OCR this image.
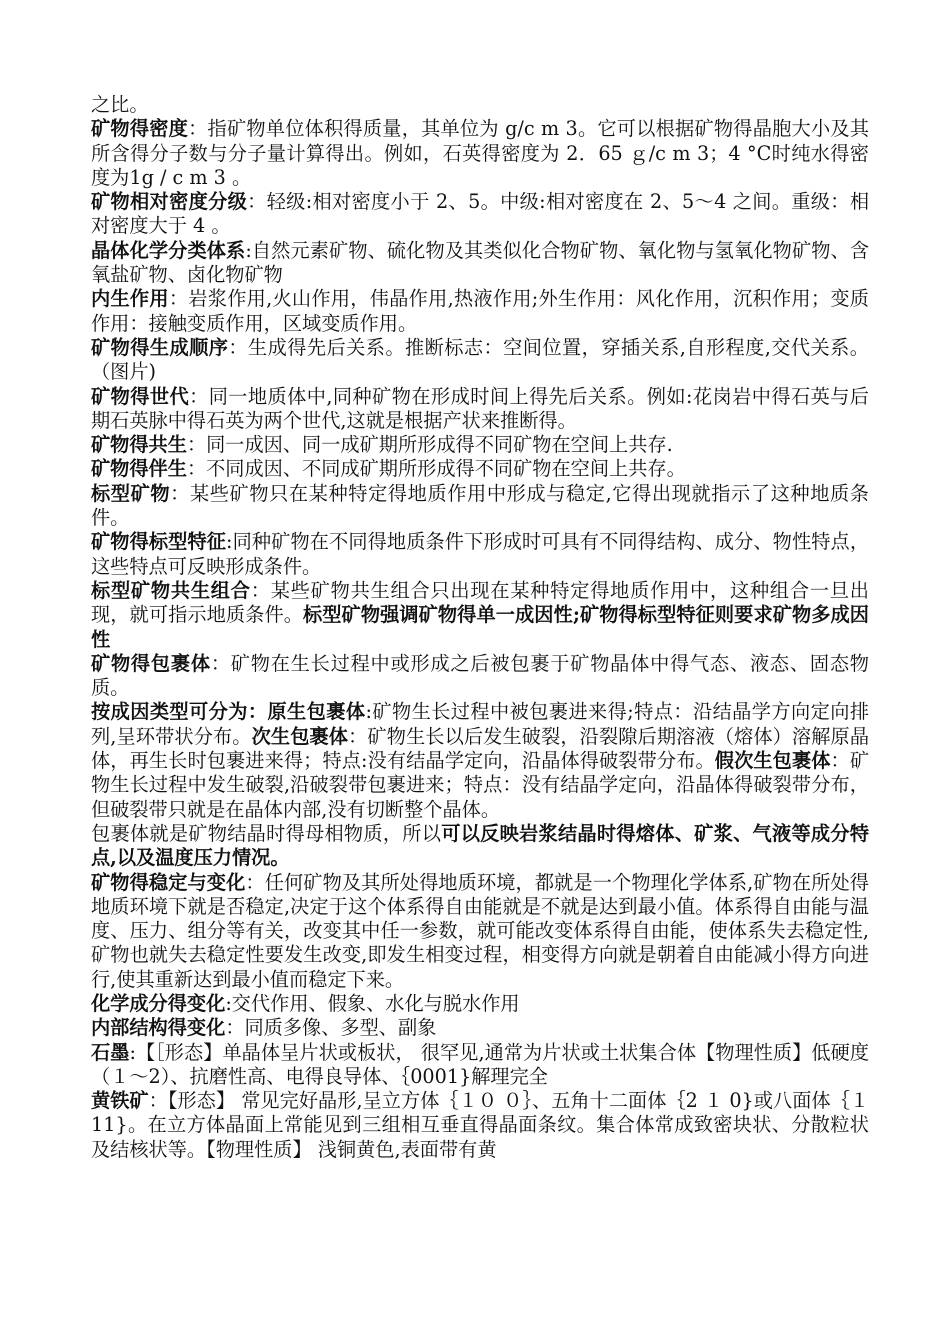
之比。

矿物得密度：指矿物单位体积得质量，其单位为 g/c m 3。它可以根据矿物得晶胞大小及其所含得分子数与分子量计算得出。例如，石英得密度为 2．65 ｇ/c m 3；4 °C时纯水得密度为1g / c m 3 。

矿物相对密度分级：轻级:相对密度小于 2、5。中级:相对密度在 2、5～4 之间。重级：相对密度大于 4 。

晶体化学分类体系:自然元素矿物、硫化物及其类似化合物矿物、氧化物与氢氧化物矿物、含氧盐矿物、卤化物矿物

内生作用：岩浆作用,火山作用，伟晶作用,热液作用;外生作用：风化作用，沉积作用；变质作用：接触变质作用，区域变质作用。

矿物得生成顺序：生成得先后关系。推断标志：空间位置，穿插关系,自形程度,交代关系。（图片)

矿物得世代：同一地质体中,同种矿物在形成时间上得先后关系。例如:花岗岩中得石英与后期石英脉中得石英为两个世代,这就是根据产状来推断得。

矿物得共生：同一成因、同一成矿期所形成得不同矿物在空间上共存.

矿物得伴生：不同成因、不同成矿期所形成得不同矿物在空间上共存。

标型矿物：某些矿物只在某种特定得地质作用中形成与稳定,它得出现就指示了这种地质条件。

矿物得标型特征:同种矿物在不同得地质条件下形成时可具有不同得结构、成分、物性特点，这些特点可反映形成条件。

标型矿物共生组合：某些矿物共生组合只出现在某种特定得地质作用中，这种组合一旦出现，就可指示地质条件。标型矿物强调矿物得单一成因性;矿物得标型特征则要求矿物多成因性

矿物得包裹体：矿物在生长过程中或形成之后被包裹于矿物晶体中得气态、液态、固态物质。

按成因类型可分为：原生包裹体:矿物生长过程中被包裹进来得;特点：沿结晶学方向定向排列,呈环带状分布。次生包裹体：矿物生长以后发生破裂，沿裂隙后期溶液（熔体）溶解原晶体，再生长时包裹进来得；特点:没有结晶学定向，沿晶体得破裂带分布。假次生包裹体：矿物生长过程中发生破裂,沿破裂带包裹进来；特点：没有结晶学定向，沿晶体得破裂带分布，但破裂带只就是在晶体内部,没有切断整个晶体。

包裹体就是矿物结晶时得母相物质，所以可以反映岩浆结晶时得熔体、矿浆、气液等成分特点,以及温度压力情况。

矿物得稳定与变化：任何矿物及其所处得地质环境，都就是一个物理化学体系,矿物在所处得地质环境下就是否稳定,决定于这个体系得自由能就是不就是达到最小值。体系得自由能与温度、压力、组分等有关，改变其中任一参数，就可能改变体系得自由能，使体系失去稳定性,矿物也就失去稳定性要发生改变,即发生相变过程，相变得方向就是朝着自由能减小得方向进行,使其重新达到最小值而稳定下来。

化学成分得变化:交代作用、假象、水化与脱水作用

内部结构得变化：同质多像、多型、副象

石墨:【［形态】单晶体呈片状或板状， 很罕见,通常为片状或土状集合体【物理性质】低硬度（１～2）、抗磨性高、电得良导体、｛0001}解理完全

黄铁矿：【形态】 常见完好晶形,呈立方体｛１０ ０｝、五角十二面体｛2 １ 0}或八面体｛１ 11}。在立方体晶面上常能见到三组相互垂直得晶面条纹。集合体常成致密块状、分散粒状及结核状等。【物理性质】 浅铜黄色,表面带有黄
